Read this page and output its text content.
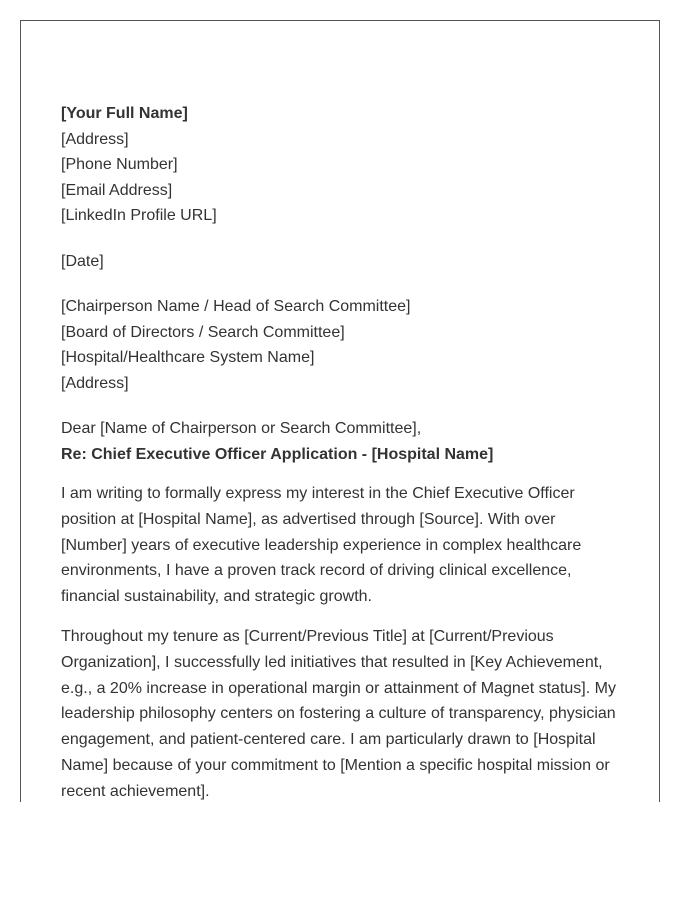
[Your Full Name]
[Address]
[Phone Number]
[Email Address]
[LinkedIn Profile URL]
[Date]
[Chairperson Name / Head of Search Committee]
[Board of Directors / Search Committee]
[Hospital/Healthcare System Name]
[Address]
Dear [Name of Chairperson or Search Committee],
Re: Chief Executive Officer Application - [Hospital Name]

I am writing to formally express my interest in the Chief Executive Officer position at [Hospital Name], as advertised through [Source]. With over [Number] years of executive leadership experience in complex healthcare environments, I have a proven track record of driving clinical excellence, financial sustainability, and strategic growth.

Throughout my tenure as [Current/Previous Title] at [Current/Previous Organization], I successfully led initiatives that resulted in [Key Achievement, e.g., a 20% increase in operational margin or attainment of Magnet status]. My leadership philosophy centers on fostering a culture of transparency, physician engagement, and patient-centered care. I am particularly drawn to [Hospital Name] because of your commitment to [Mention a specific hospital mission or recent achievement].
